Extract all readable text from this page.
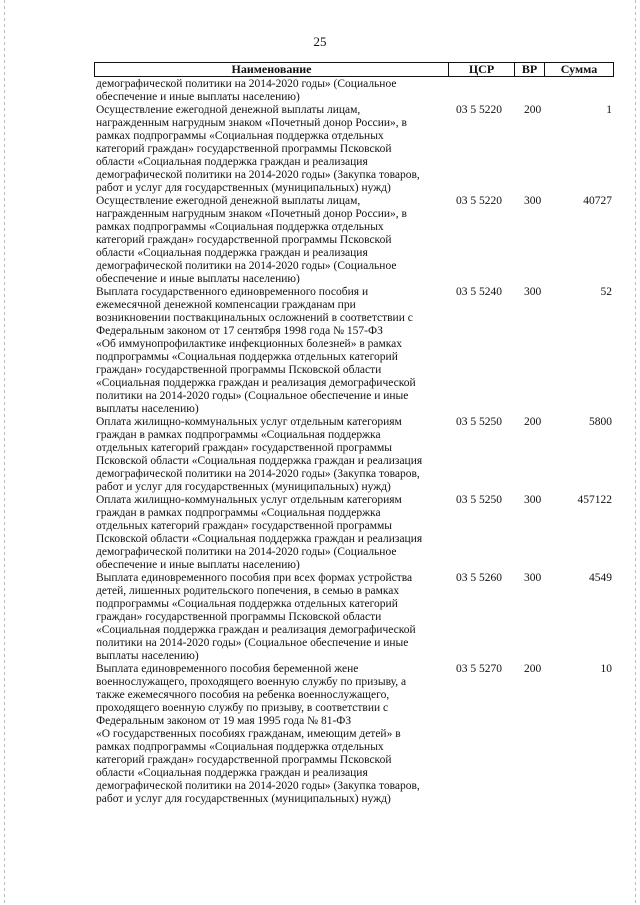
25
Наименование	ЦСР	ВР	Сумма
демографической политики на 2014-2020 годы» (Социальное
обеспечение и иные выплаты населению)
Осуществление ежегодной денежной выплаты лицам,
награжденным нагрудным знаком «Почетный донор России», в
рамках подпрограммы «Социальная поддержка отдельных
категорий граждан» государственной программы Псковской
области «Социальная поддержка граждан и реализация
демографической политики на 2014-2020 годы» (Закупка товаров,
работ и услуг для государственных (муниципальных) нужд)
03 5 5220	200	1
Осуществление ежегодной денежной выплаты лицам,
награжденным нагрудным знаком «Почетный донор России», в
рамках подпрограммы «Социальная поддержка отдельных
категорий граждан» государственной программы Псковской
области «Социальная поддержка граждан и реализация
демографической политики на 2014-2020 годы» (Социальное
обеспечение и иные выплаты населению)
03 5 5220	300	40727
Выплата государственного единовременного пособия и
ежемесячной денежной компенсации гражданам при
возникновении поствакцинальных осложнений в соответствии с
Федеральным законом от 17 сентября 1998 года № 157-ФЗ
«Об иммунопрофилактике инфекционных болезней» в рамках
подпрограммы «Социальная поддержка отдельных категорий
граждан» государственной программы Псковской области
«Социальная поддержка граждан и реализация демографической
политики на 2014-2020 годы» (Социальное обеспечение и иные
выплаты населению)
03 5 5240	300	52
Оплата жилищно-коммунальных услуг отдельным категориям
граждан в рамках подпрограммы «Социальная поддержка
отдельных категорий граждан» государственной программы
Псковской области «Социальная поддержка граждан и реализация
демографической политики на 2014-2020 годы» (Закупка товаров,
работ и услуг для государственных (муниципальных) нужд)
03 5 5250	200	5800
Оплата жилищно-коммунальных услуг отдельным категориям
граждан в рамках подпрограммы «Социальная поддержка
отдельных категорий граждан» государственной программы
Псковской области «Социальная поддержка граждан и реализация
демографической политики на 2014-2020 годы» (Социальное
обеспечение и иные выплаты населению)
03 5 5250	300	457122
Выплата единовременного пособия при всех формах устройства
детей, лишенных родительского попечения, в семью в рамках
подпрограммы «Социальная поддержка отдельных категорий
граждан» государственной программы Псковской области
«Социальная поддержка граждан и реализация демографической
политики на 2014-2020 годы» (Социальное обеспечение и иные
выплаты населению)
03 5 5260	300	4549
Выплата единовременного пособия беременной жене
военнослужащего, проходящего военную службу по призыву, а
также ежемесячного пособия на ребенка военнослужащего,
проходящего военную службу по призыву, в соответствии с
Федеральным законом от 19 мая 1995 года № 81-ФЗ
«О государственных пособиях гражданам, имеющим детей» в
рамках подпрограммы «Социальная поддержка отдельных
категорий граждан» государственной программы Псковской
области «Социальная поддержка граждан и реализация
демографической политики на 2014-2020 годы» (Закупка товаров,
работ и услуг для государственных (муниципальных) нужд)
03 5 5270	200	10
